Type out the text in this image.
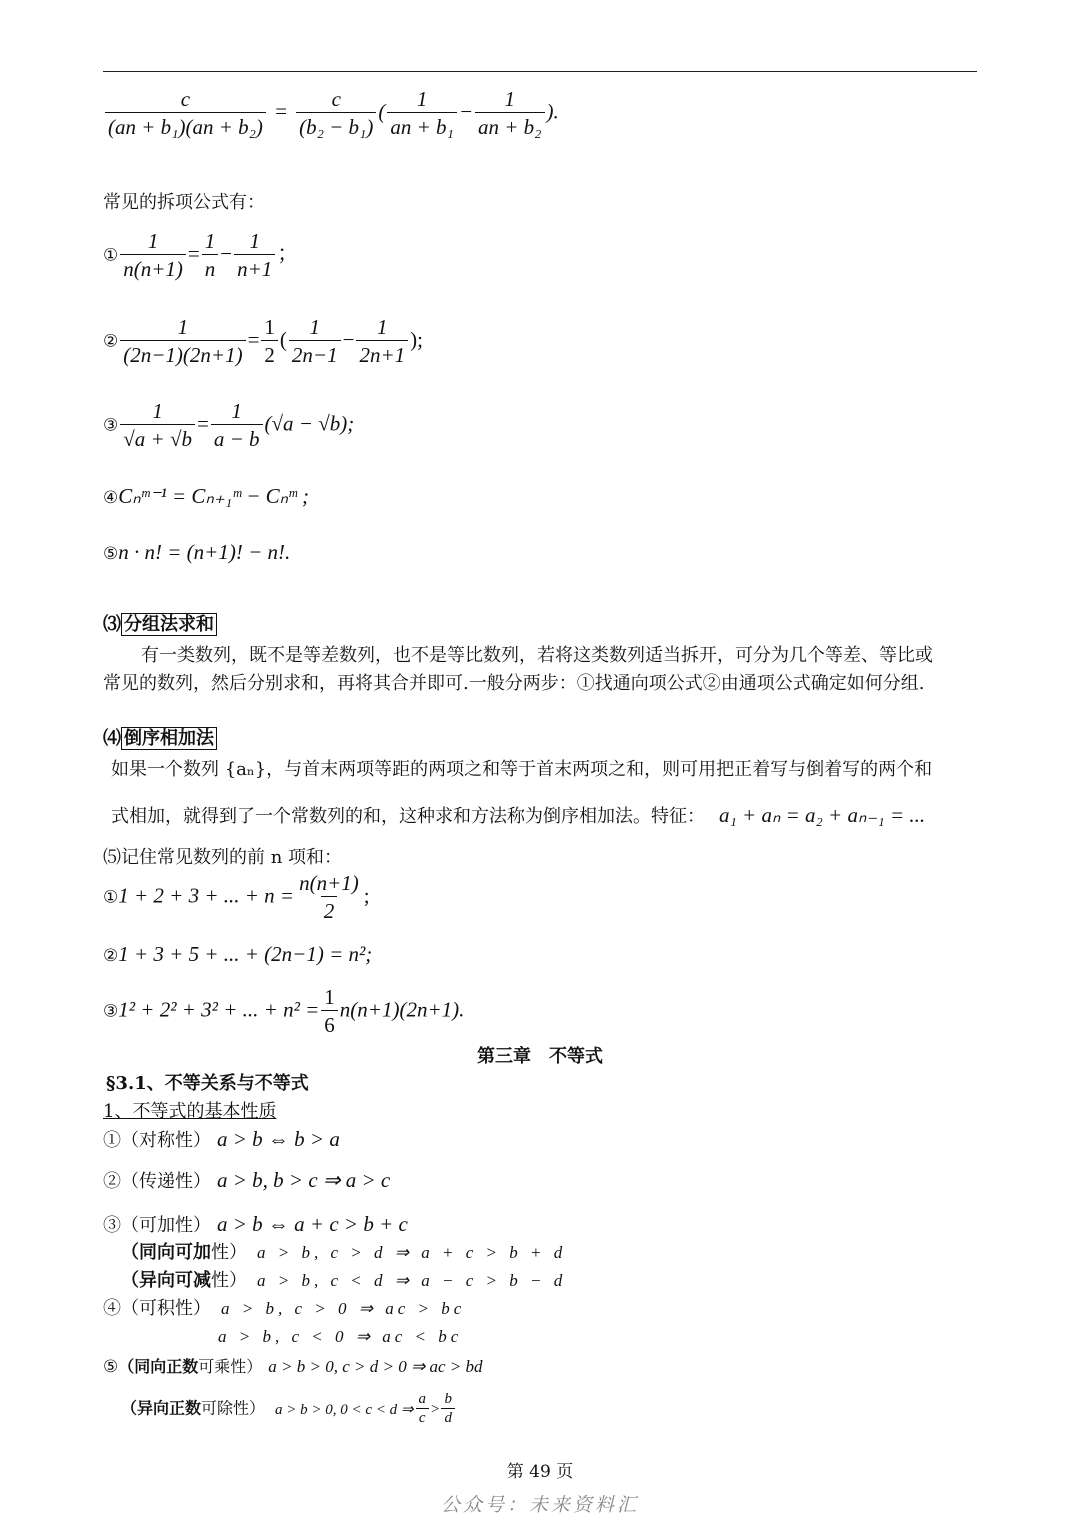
$\frac{c}{\text{(an + b₁)(an + b₂)}} = \frac{c}{\text{(b₂ − b₁)}}$ ( $\frac{1}{\text{an + b₁}} - \frac{1}{\text{an + b₂}}$ ).
常见的拆项公式有：
① $\frac{1}{n(n+1)} = \frac{1}{n} - \frac{1}{n+1}$ ；
② $\frac{1}{(2n-1)(2n+1)} = \frac{1}{2}$ ( $\frac{1}{2n-1} - \frac{1}{2n+1}$ );
③ $\frac{1}{√a + √b} = \frac{1}{a - b} (√a - √b)$;
④Cₙᵐ⁻¹ = Cₙ₊₁ᵐ − Cₙᵐ ;
⑤n · n! = (n+1)! − n!.
⑶ 分组法求和
有一类数列，既不是等差数列，也不是等比数列，若将这类数列适当拆开，可分为几个等差、等比或
常见的数列，然后分别求和，再将其合并即可.一般分两步：①找通向项公式②由通项公式确定如何分组.
⑷ 倒序相加法
如果一个数列 {aₙ}，与首末两项等距的两项之和等于首末两项之和，则可用把正着写与倒着写的两个和
式相加，就得到了一个常数列的和，这种求和方法称为倒序相加法。特征： a₁ + aₙ = a₂ + aₙ₋₁ = ...
⑸记住常见数列的前 n 项和：
①1 + 2 + 3 + ... + $n = \frac{n(n+1)}{2}$ ;
②1 + 3 + 5 + ... + (2n−1) = n²;
③1² + 2² + 3² + ... + $n^2 = \frac{1}{6} n(n+1)(2n+1)$.
第三章　不等式
§3.1、不等关系与不等式
1、不等式的基本性质
①（对称性） a > b ⇔ b > a
②（传递性） a > b, b > c ⇒ a > c
③（可加性） a > b ⇔ a + c > b + c
（同向可加性） a > b, c > d ⇒ a + c > b + d
（异向可减性） a > b, c < d ⇒ a − c > b − d
④（可积性） a > b, c > 0 ⇒ ac > bc
a > b, c < 0 ⇒ ac < bc
⑤（同向正数可乘性） a > b > 0, c > d > 0 ⇒ ac > bd
（异向正数可除性） a > b > 0, 0 < c < d ⇒ $\frac{a}{c} > \frac{b}{d}$
第 49 页
公众号：未来资料汇
